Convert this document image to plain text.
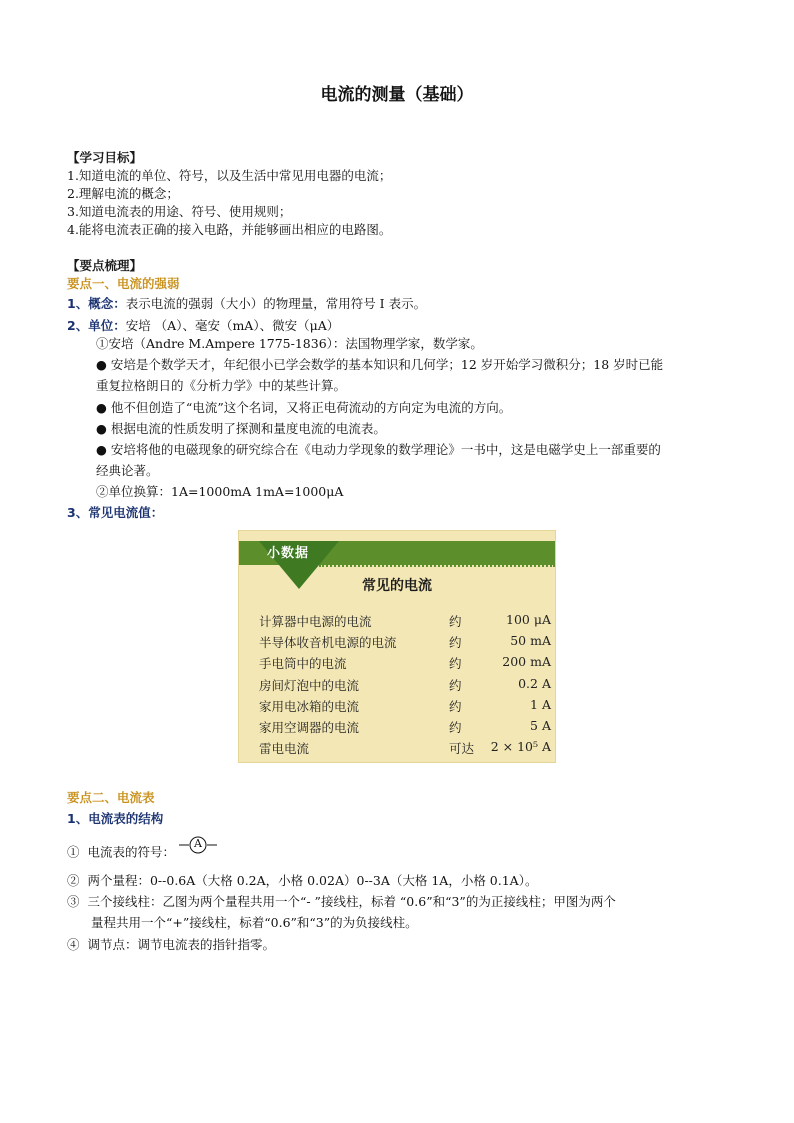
电流的测量（基础）
【学习目标】
1.知道电流的单位、符号，以及生活中常见用电器的电流；
2.理解电流的概念；
3.知道电流表的用途、符号、使用规则；
4.能将电流表正确的接入电路，并能够画出相应的电路图。
【要点梳理】
要点一、电流的强弱
1、概念：表示电流的强弱（大小）的物理量，常用符号 I 表示。
2、单位：安培 （A）、毫安（mA）、微安（μA）
①安培（Andre M.Ampere 1775-1836）：法国物理学家，数学家。
● 安培是个数学天才，年纪很小已学会数学的基本知识和几何学；12 岁开始学习微积分；18 岁时已能
重复拉格朗日的《分析力学》中的某些计算。
● 他不但创造了“电流”这个名词，又将正电荷流动的方向定为电流的方向。
● 根据电流的性质发明了探测和量度电流的电流表。
● 安培将他的电磁现象的研究综合在《电动力学现象的数学理论》一书中，这是电磁学史上一部重要的
经典论著。
②单位换算：1A=1000mA 1mA=1000μA
3、常见电流值：
小数据
常见的电流
计算器中电源的电流	约	100 μA
半导体收音机电源的电流	约	50 mA
手电筒中的电流	约	200 mA
房间灯泡中的电流	约	0.2 A
家用电冰箱的电流	约	1 A
家用空调器的电流	约	5 A
雷电电流	可达 2 × 10⁵ A
要点二、电流表
1、电流表的结构
① 电流表的符号：
A
② 两个量程：0--0.6A（大格 0.2A，小格 0.02A）0--3A（大格 1A，小格 0.1A）。
③ 三个接线柱：乙图为两个量程共用一个“- ”接线柱，标着 “0.6”和“3”的为正接线柱；甲图为两个
量程共用一个“+”接线柱，标着“0.6”和“3”的为负接线柱。
④ 调节点：调节电流表的指针指零。
